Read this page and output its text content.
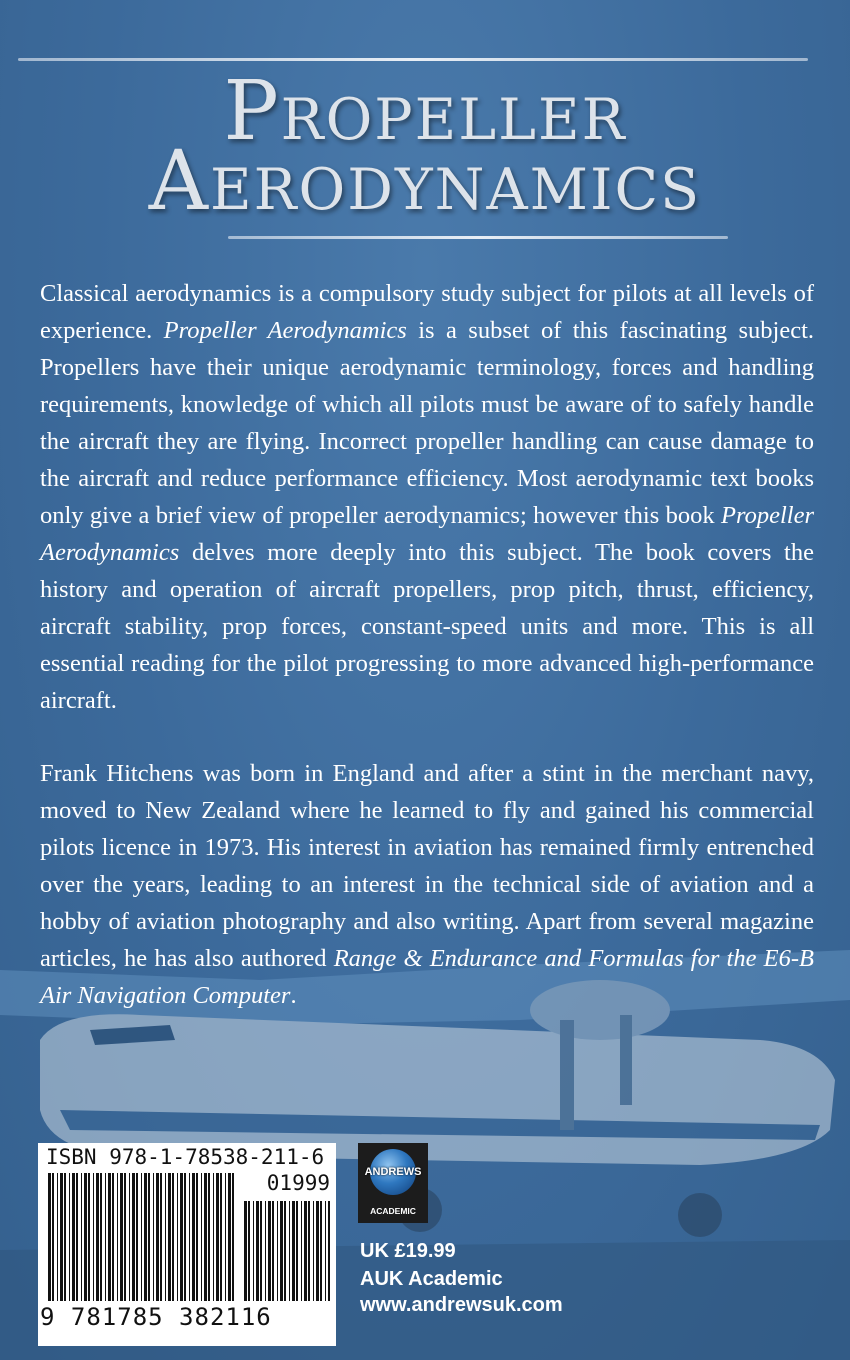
Propeller
Aerodynamics

Classical aerodynamics is a compulsory study subject for pilots at all levels of experience. Propeller Aerodynamics is a subset of this fascinating subject. Propellers have their unique aerodynamic terminology, forces and handling requirements, knowledge of which all pilots must be aware of to safely handle the aircraft they are flying. Incorrect propeller handling can cause damage to the aircraft and reduce performance efficiency. Most aerodynamic text books only give a brief view of propeller aerodynamics; however this book Propeller Aerodynamics delves more deeply into this subject. The book covers the history and operation of aircraft propellers, prop pitch, thrust, efficiency, aircraft stability, prop forces, constant-speed units and more. This is all essential reading for the pilot progressing to more advanced high-performance aircraft.

Frank Hitchens was born in England and after a stint in the merchant navy, moved to New Zealand where he learned to fly and gained his commercial pilots licence in 1973. His interest in aviation has remained firmly entrenched over the years, leading to an interest in the technical side of aviation and a hobby of aviation photography and also writing. Apart from several magazine articles, he has also authored Range & Endurance and Formulas for the E6-B Air Navigation Computer.

ISBN 978-1-78538-211-6
01999
9 781785 382116
ANDREWS
ACADEMIC

UK £19.99

AUK Academic

www.andrewsuk.com
